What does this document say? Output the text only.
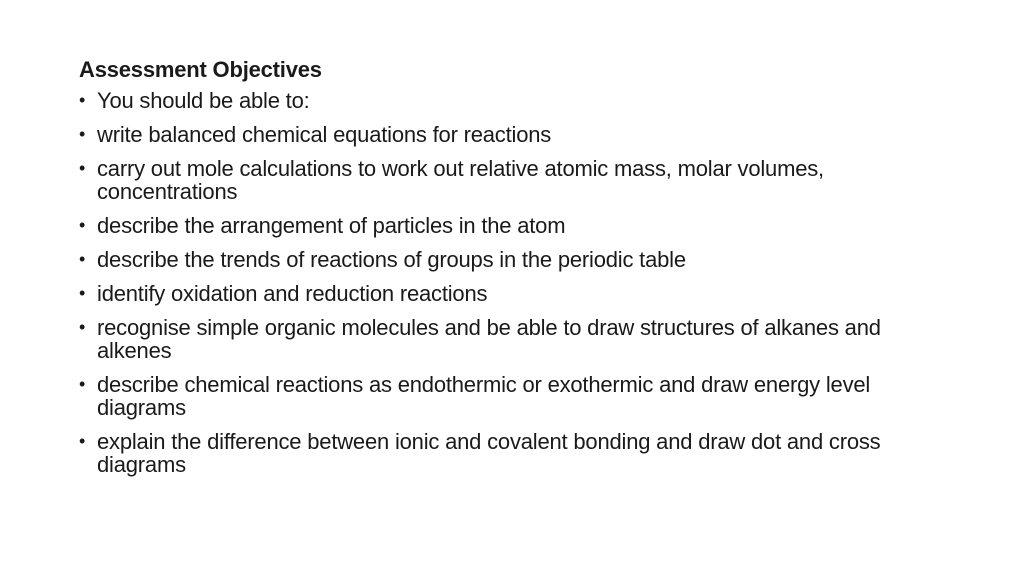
Assessment Objectives
• You should be able to:
• write balanced chemical equations for reactions
• carry out mole calculations to work out relative atomic mass, molar volumes, concentrations
• describe the arrangement of particles in the atom
• describe the trends of reactions of groups in the periodic table
• identify oxidation and reduction reactions
• recognise simple organic molecules and be able to draw structures of alkanes and alkenes
• describe chemical reactions as endothermic or exothermic and draw energy level diagrams
• explain the difference between ionic and covalent bonding and draw dot and cross diagrams
